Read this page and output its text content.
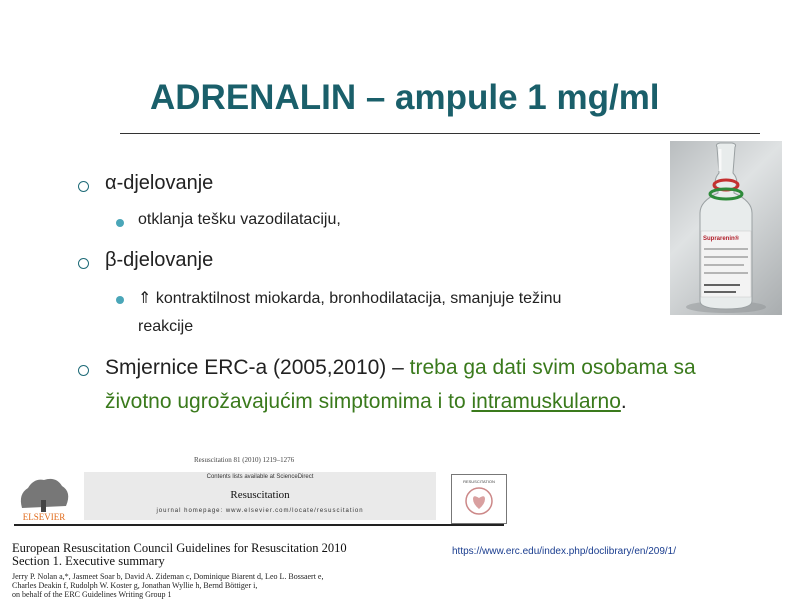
ADRENALIN – ampule 1 mg/ml
α-djelovanje
otklanja tešku vazodilataciju,
β-djelovanje
⇑ kontraktilnost miokarda, bronhodilatacija, smanjuje težinu
reakcije
Smjernice ERC-a (2005,2010) – treba ga dati svim osobama sa
životno ugrožavajućim simptomima i to intramuskularno.
Suprarenin®
Resuscitation 81 (2010) 1219–1276
ELSEVIER
Contents lists available at ScienceDirect
Resuscitation
journal homepage: www.elsevier.com/locate/resuscitation
RESUSCITATION
European Resuscitation Council Guidelines for Resuscitation 2010
Section 1. Executive summary
Jerry P. Nolan a,*, Jasmeet Soar b, David A. Zideman c, Dominique Biarent d, Leo L. Bossaert e,
Charles Deakin f, Rudolph W. Koster g, Jonathan Wyllie h, Bernd Böttiger i,
on behalf of the ERC Guidelines Writing Group 1
https://www.erc.edu/index.php/doclibrary/en/209/1/
